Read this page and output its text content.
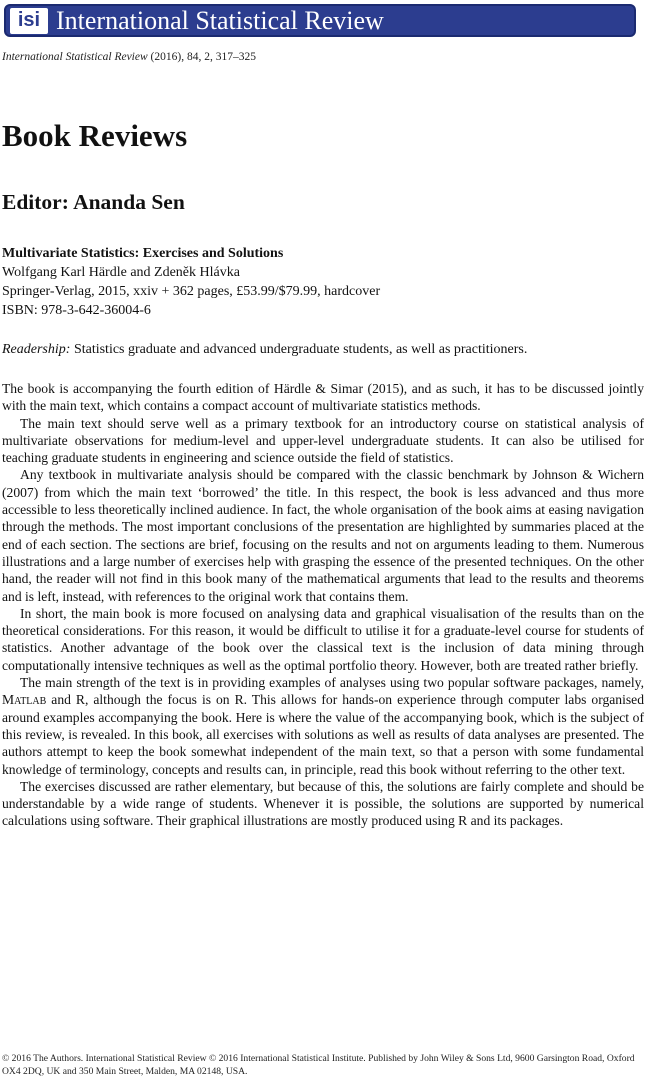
isi International Statistical Review
International Statistical Review (2016), 84, 2, 317–325
Book Reviews
Editor: Ananda Sen
Multivariate Statistics: Exercises and Solutions
Wolfgang Karl Härdle and Zdeněk Hlávka
Springer-Verlag, 2015, xxiv + 362 pages, £53.99/$79.99, hardcover
ISBN: 978-3-642-36004-6
Readership: Statistics graduate and advanced undergraduate students, as well as practitioners.

The book is accompanying the fourth edition of Härdle & Simar (2015), and as such, it has to be discussed jointly with the main text, which contains a compact account of multivariate statistics methods.

The main text should serve well as a primary textbook for an introductory course on statistical analysis of multivariate observations for medium-level and upper-level undergraduate students. It can also be utilised for teaching graduate students in engineering and science outside the field of statistics.

Any textbook in multivariate analysis should be compared with the classic benchmark by Johnson & Wichern (2007) from which the main text ‘borrowed’ the title. In this respect, the book is less advanced and thus more accessible to less theoretically inclined audience. In fact, the whole organisation of the book aims at easing navigation through the methods. The most important conclusions of the presentation are highlighted by summaries placed at the end of each section. The sections are brief, focusing on the results and not on arguments leading to them. Numerous illustrations and a large number of exercises help with grasping the essence of the presented techniques. On the other hand, the reader will not find in this book many of the mathematical arguments that lead to the results and theorems and is left, instead, with references to the original work that contains them.

In short, the main book is more focused on analysing data and graphical visualisation of the results than on the theoretical considerations. For this reason, it would be difficult to utilise it for a graduate-level course for students of statistics. Another advantage of the book over the classical text is the inclusion of data mining through computationally intensive techniques as well as the optimal portfolio theory. However, both are treated rather briefly.

The main strength of the text is in providing examples of analyses using two popular software packages, namely, Matlab and R, although the focus is on R. This allows for hands-on experience through computer labs organised around examples accompanying the book. Here is where the value of the accompanying book, which is the subject of this review, is revealed. In this book, all exercises with solutions as well as results of data analyses are presented. The authors attempt to keep the book somewhat independent of the main text, so that a person with some fundamental knowledge of terminology, concepts and results can, in principle, read this book without referring to the other text.

The exercises discussed are rather elementary, but because of this, the solutions are fairly complete and should be understandable by a wide range of students. Whenever it is possible, the solutions are supported by numerical calculations using software. Their graphical illustrations are mostly produced using R and its packages.

© 2016 The Authors. International Statistical Review © 2016 International Statistical Institute. Published by John Wiley & Sons Ltd, 9600 Garsington Road, Oxford OX4 2DQ, UK and 350 Main Street, Malden, MA 02148, USA.
